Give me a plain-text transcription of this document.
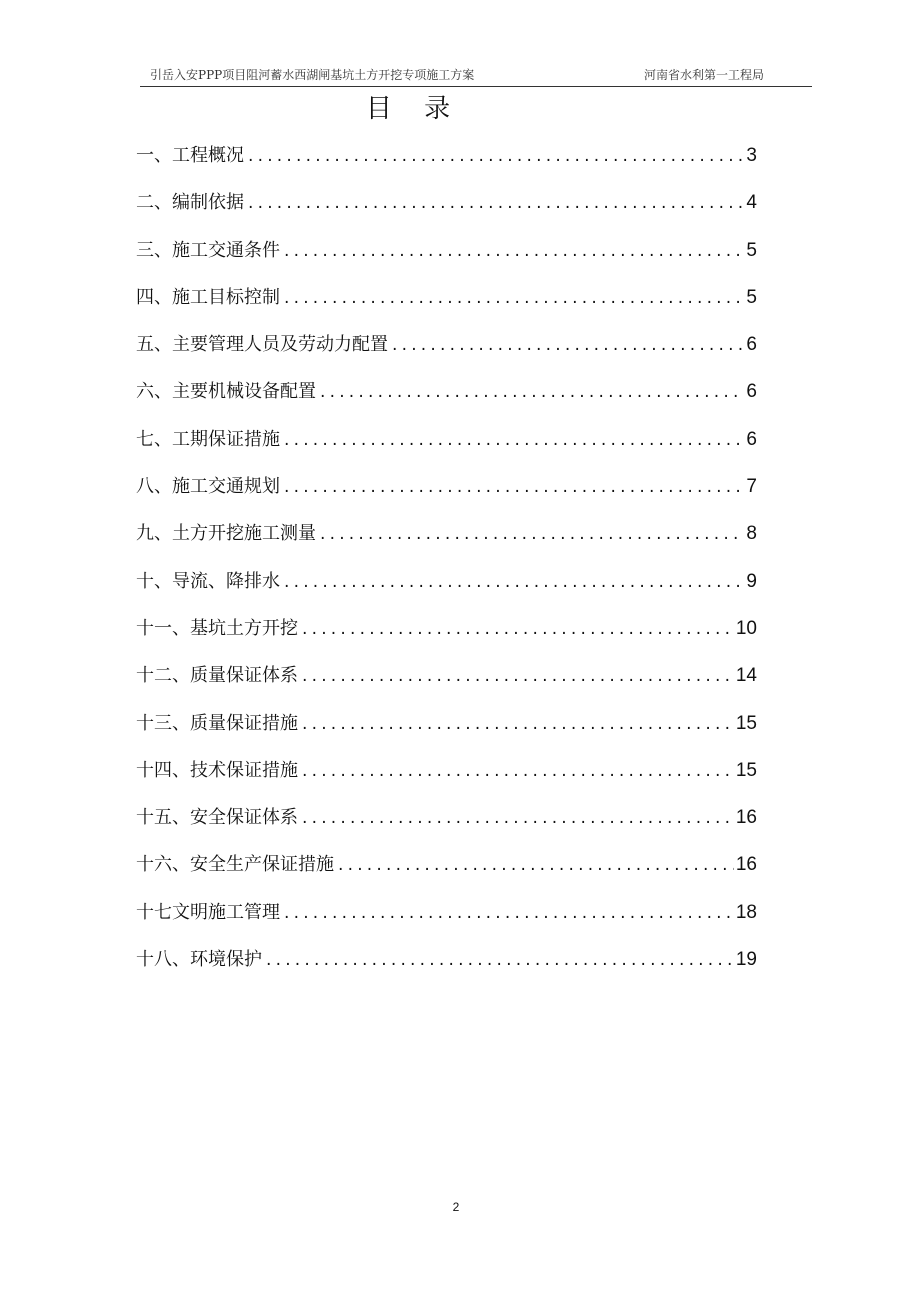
引岳入安PPP项目阻河蓄水西湖闸基坑土方开挖专项施工方案	河南省水利第一工程局
目 录
一、工程概况 .....	3
二、编制依据 .....	4
三、施工交通条件 .....	5
四、施工目标控制 .....	5
五、主要管理人员及劳动力配置 .....	6
六、主要机械设备配置 .....	6
七、工期保证措施 .....	6
八、施工交通规划 .....	7
九、土方开挖施工测量 .....	8
十、导流、降排水 .....	9
十一、基坑土方开挖 .....	10
十二、质量保证体系 .....	14
十三、质量保证措施 .....	15
十四、技术保证措施 .....	15
十五、安全保证体系 .....	16
十六、安全生产保证措施 .....	16
十七文明施工管理 .....	18
十八、环境保护 .....	19
2
